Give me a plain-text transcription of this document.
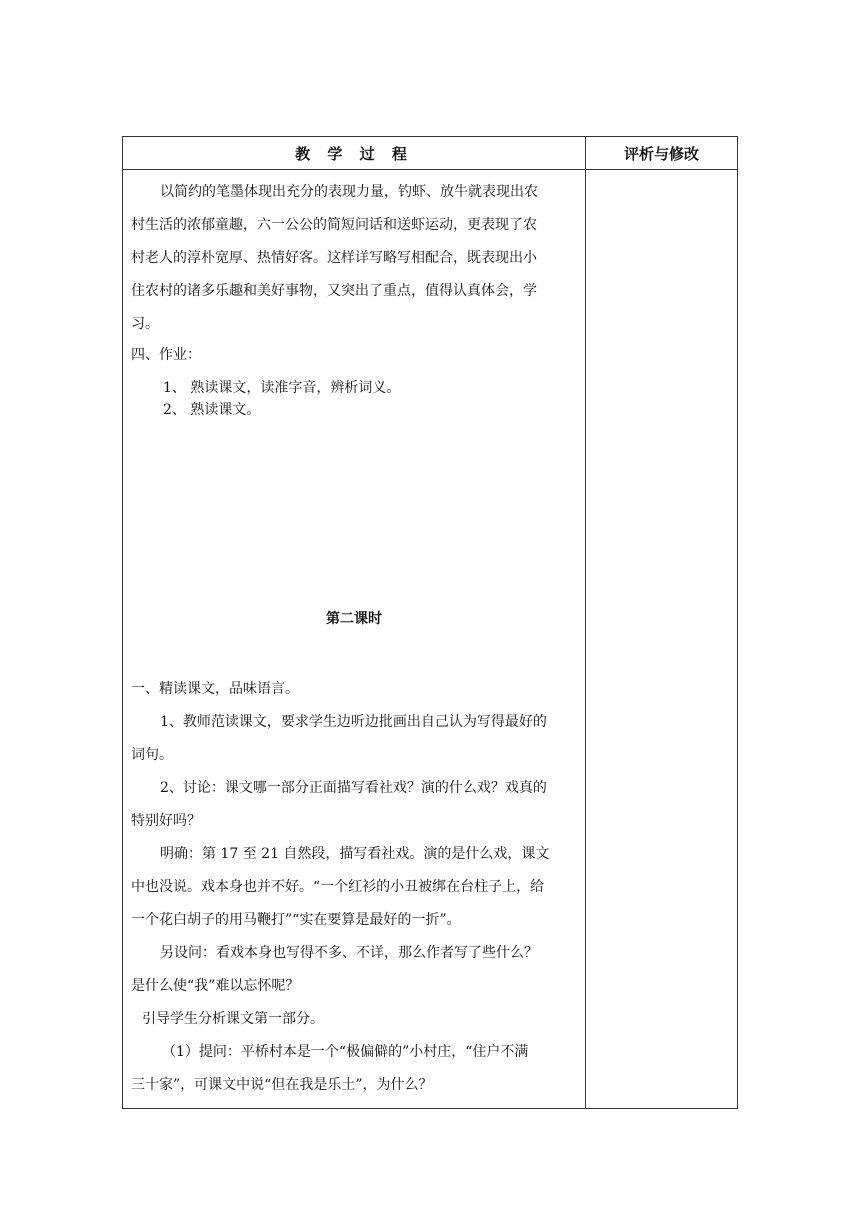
教 学 过 程	评析与修改
以简约的笔墨体现出充分的表现力量，钓虾、放牛就表现出农
村生活的浓郁童趣，六一公公的简短问话和送虾运动，更表现了农
村老人的淳朴宽厚、热情好客。这样详写略写相配合，既表现出小
住农村的诸多乐趣和美好事物，又突出了重点，值得认真体会，学
习。
四、作业：
1、 熟读课文，读准字音，辨析词义。
2、 熟读课文。
第二课时
一、精读课文，品味语言。
1、教师范读课文，要求学生边听边批画出自己认为写得最好的
词句。
2、讨论：课文哪一部分正面描写看社戏？演的什么戏？戏真的
特别好吗？
明确：第 17 至 21 自然段，描写看社戏。演的是什么戏，课文
中也没说。戏本身也并不好。“一个红衫的小丑被绑在台柱子上，给
一个花白胡子的用马鞭打”“实在要算是最好的一折”。
另设问：看戏本身也写得不多、不详，那么作者写了些什么？
是什么使“我”难以忘怀呢？
引导学生分析课文第一部分。
（1）提问：平桥村本是一个“极偏僻的”小村庄，“住户不满
三十家”，可课文中说“但在我是乐土”，为什么？
